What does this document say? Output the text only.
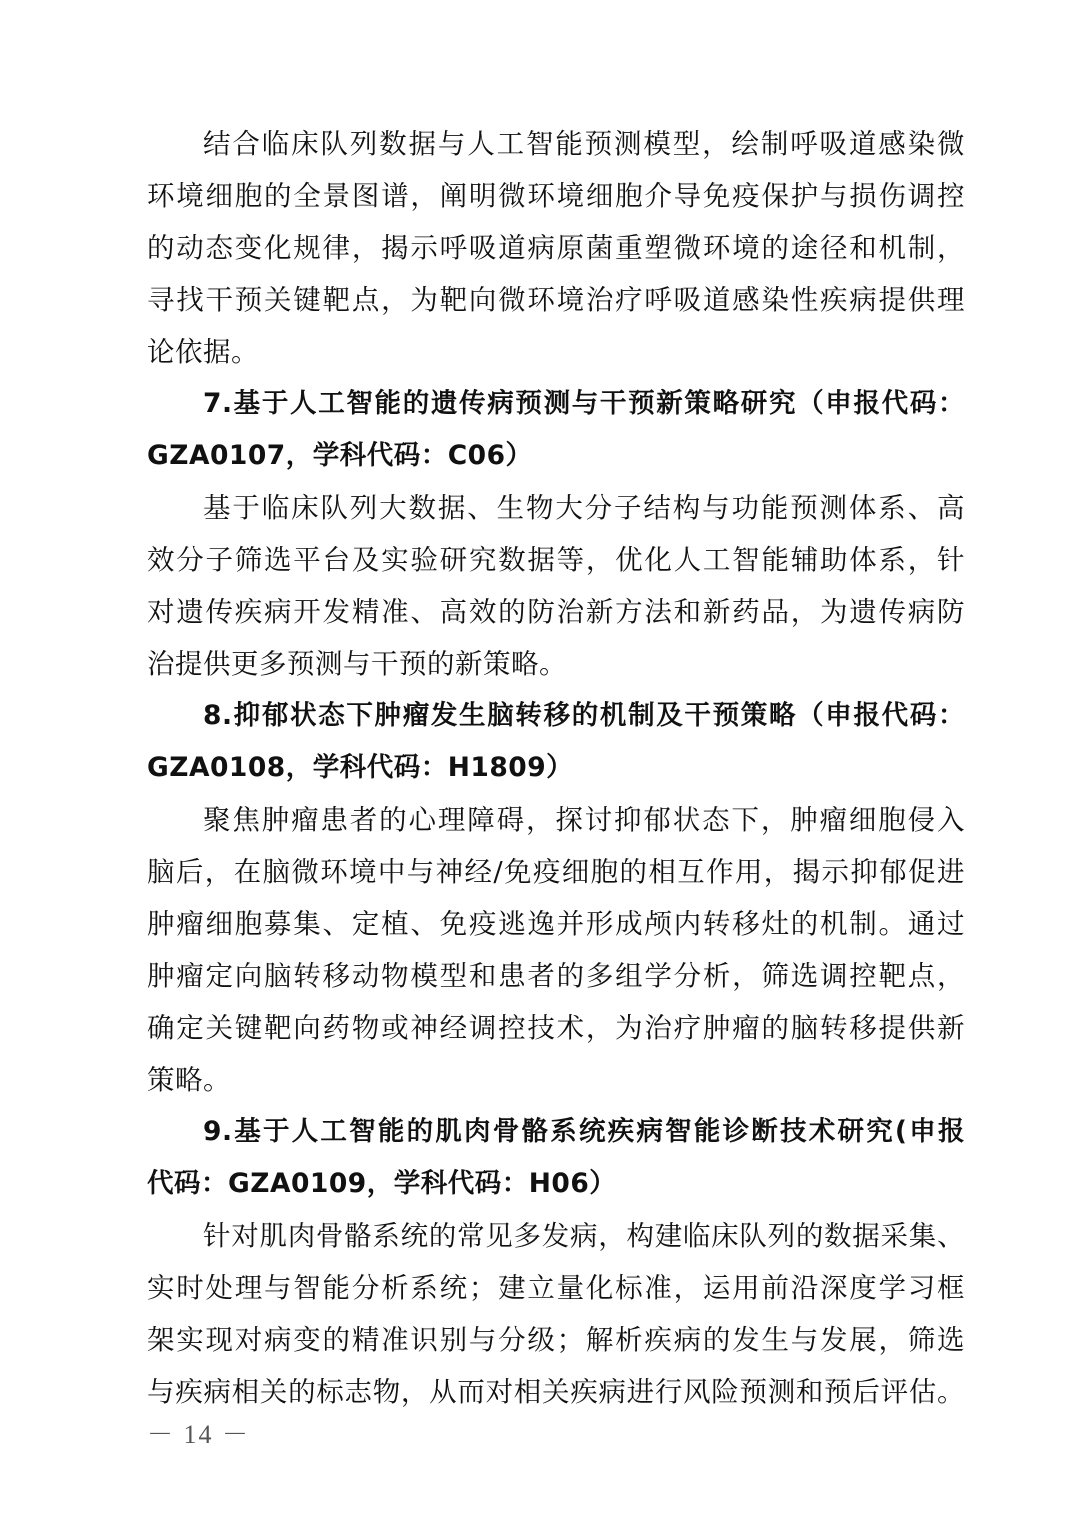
结合临床队列数据与人工智能预测模型，绘制呼吸道感染微
环境细胞的全景图谱，阐明微环境细胞介导免疫保护与损伤调控
的动态变化规律，揭示呼吸道病原菌重塑微环境的途径和机制，
寻找干预关键靶点，为靶向微环境治疗呼吸道感染性疾病提供理
论依据。
7.基于人工智能的遗传病预测与干预新策略研究（申报代码：
GZA0107，学科代码：C06）
基于临床队列大数据、生物大分子结构与功能预测体系、高
效分子筛选平台及实验研究数据等，优化人工智能辅助体系，针
对遗传疾病开发精准、高效的防治新方法和新药品，为遗传病防
治提供更多预测与干预的新策略。
8.抑郁状态下肿瘤发生脑转移的机制及干预策略（申报代码：
GZA0108，学科代码：H1809）
聚焦肿瘤患者的心理障碍，探讨抑郁状态下，肿瘤细胞侵入
脑后，在脑微环境中与神经/免疫细胞的相互作用，揭示抑郁促进
肿瘤细胞募集、定植、免疫逃逸并形成颅内转移灶的机制。通过
肿瘤定向脑转移动物模型和患者的多组学分析，筛选调控靶点，
确定关键靶向药物或神经调控技术，为治疗肿瘤的脑转移提供新
策略。
9.基于人工智能的肌肉骨骼系统疾病智能诊断技术研究(申报
代码：GZA0109，学科代码：H06）
针对肌肉骨骼系统的常见多发病，构建临床队列的数据采集、
实时处理与智能分析系统；建立量化标准，运用前沿深度学习框
架实现对病变的精准识别与分级；解析疾病的发生与发展，筛选
与疾病相关的标志物，从而对相关疾病进行风险预测和预后评估。
－ 14 －
